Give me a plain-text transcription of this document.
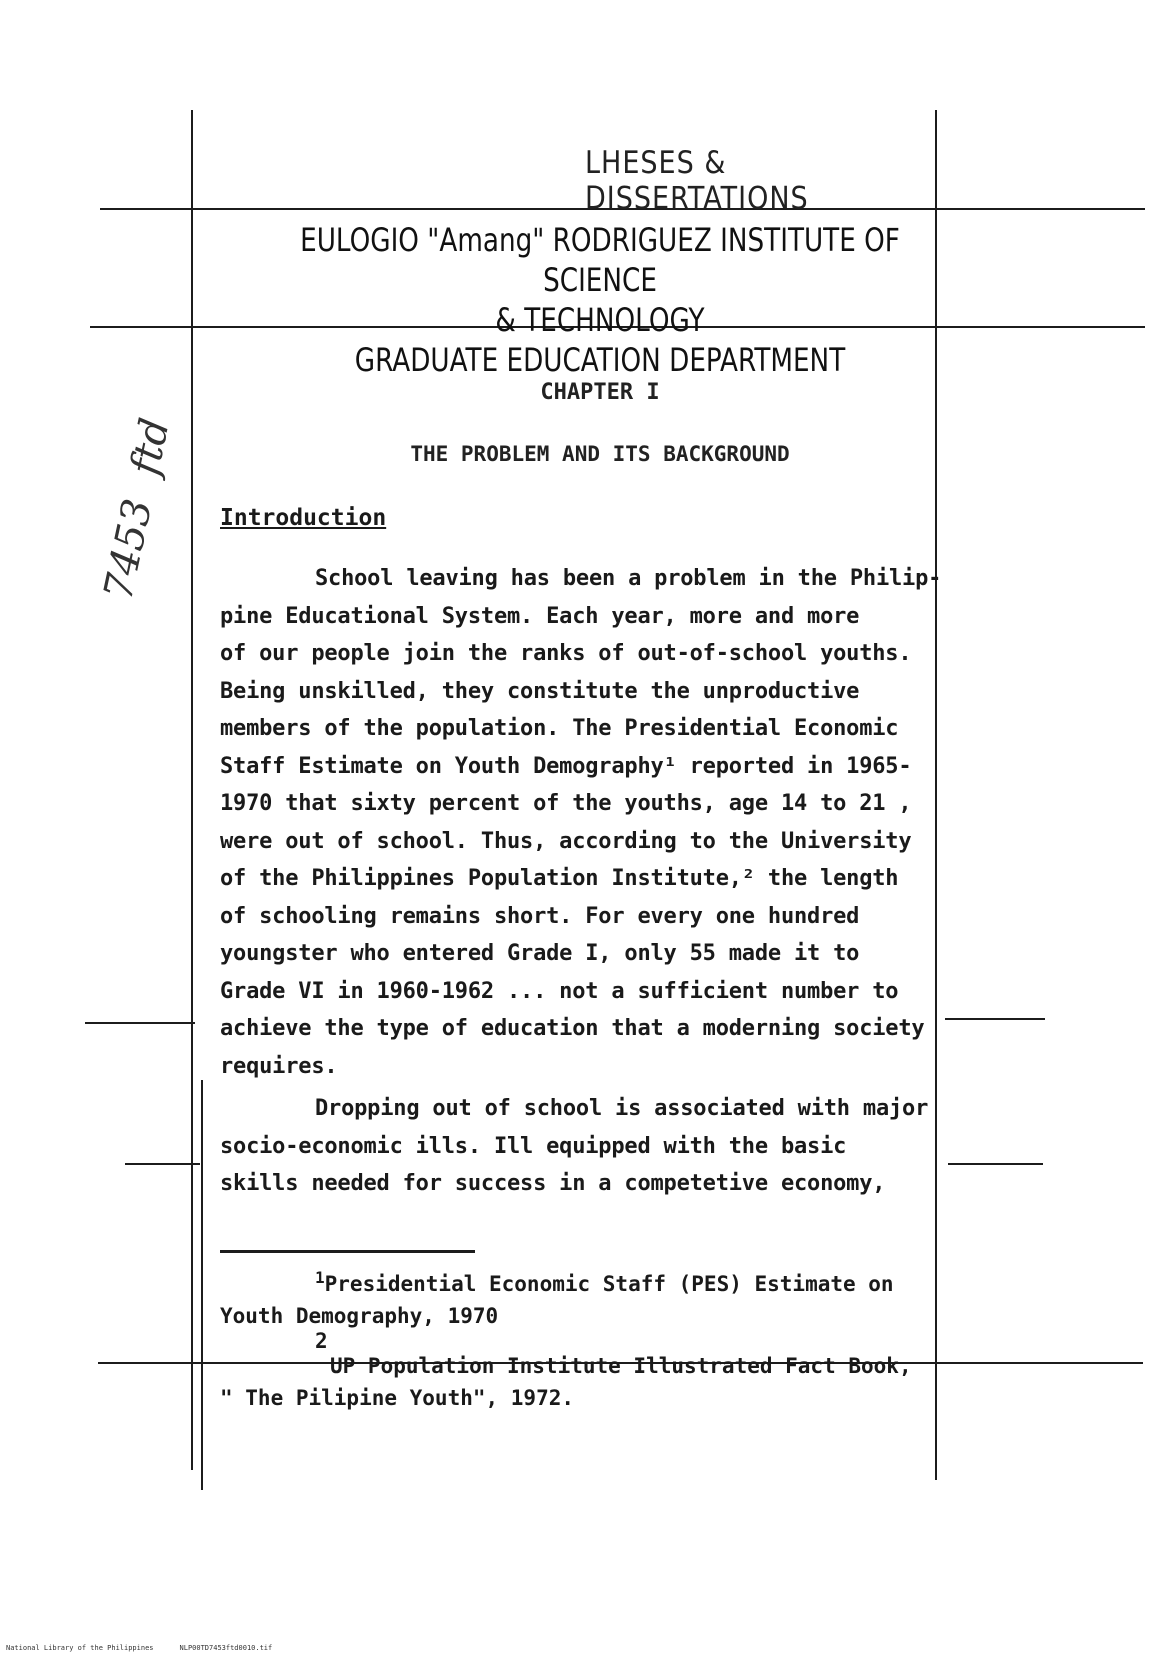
LHESES & DISSERTATIONS
EULOGIO "Amang" RODRIGUEZ INSTITUTE OF SCIENCE
& TECHNOLOGY
GRADUATE EDUCATION DEPARTMENT
CHAPTER I
THE PROBLEM AND ITS BACKGROUND
Introduction
School leaving has been a problem in the Philip-
pine Educational System. Each year, more and more
of our people join the ranks of out-of-school youths.
Being unskilled, they constitute the unproductive
members of the population. The Presidential Economic
Staff Estimate on Youth Demography¹ reported in 1965-
1970 that sixty percent of the youths, age 14 to 21 ,
were out of school. Thus, according to the University
of the Philippines Population Institute,² the length
of schooling remains short. For every one hundred
youngster who entered Grade I, only 55 made it to
Grade VI in 1960-1962 ... not a sufficient number to
achieve the type of education that a moderning society
requires.
Dropping out of school is associated with major
socio-economic ills. Ill equipped with the basic
skills needed for success in a competetive economy,
$^1$Presidential Economic Staff (PES) Estimate on
Youth Demography, 1970
2
UP Population Institute Illustrated Fact Book,
" The Pilipine Youth", 1972.
7453ftd
National Library of the Philippines	NLP00TD7453ftd0010.tif
